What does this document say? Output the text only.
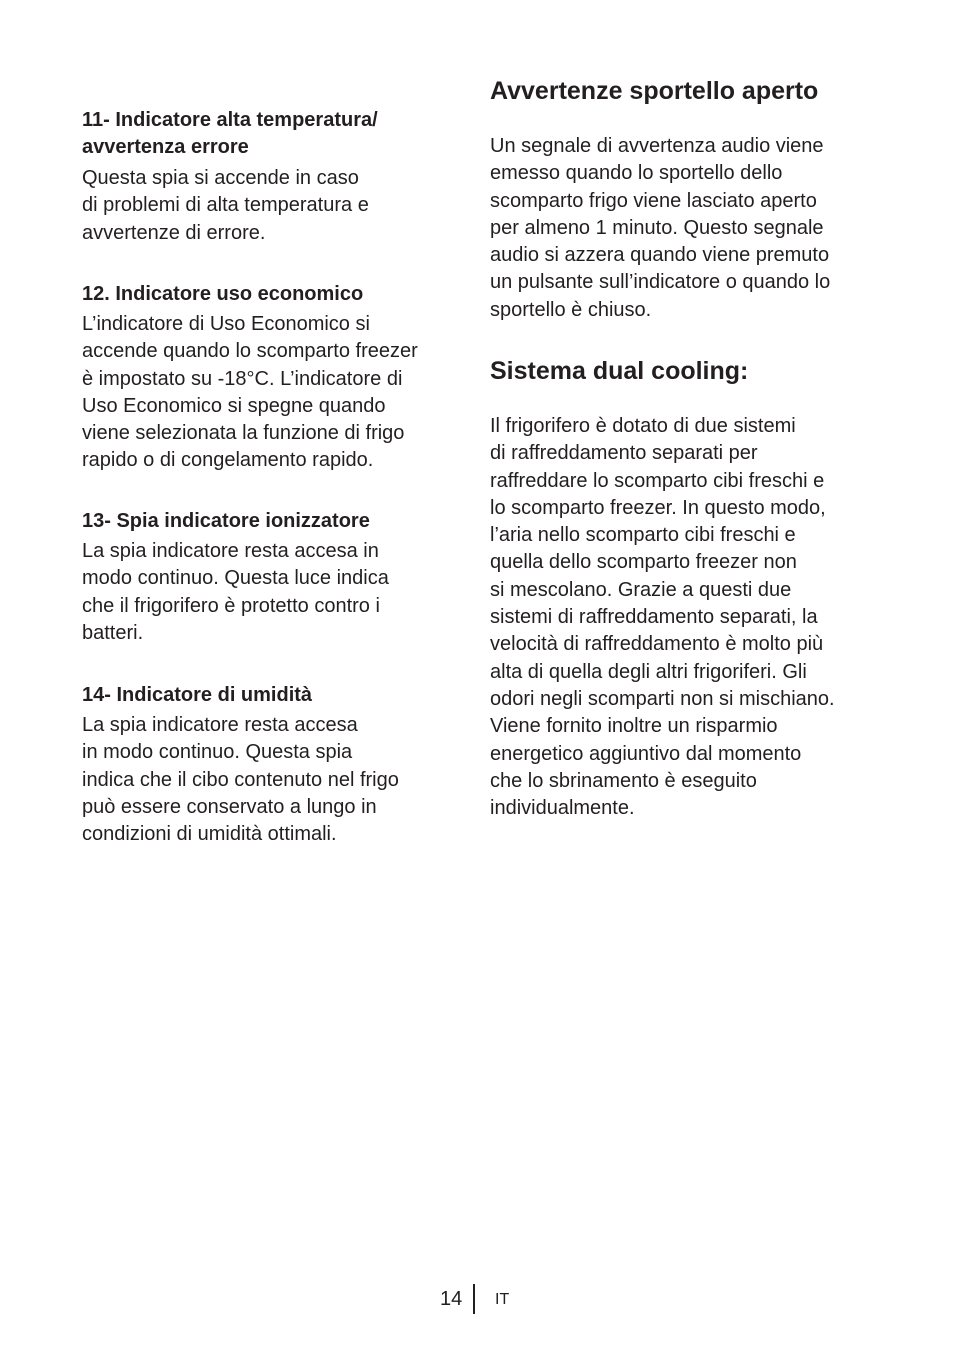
11- Indicatore alta temperatura/
avvertenza errore

Questa spia si accende in caso
di problemi di alta temperatura e
avvertenze di errore.

12. Indicatore uso economico

L’indicatore di Uso Economico si
accende quando lo scomparto freezer
è impostato su -18°C. L’indicatore di
Uso Economico si spegne quando
viene selezionata la funzione di frigo
rapido o di congelamento rapido.

13- Spia indicatore ionizzatore

La spia indicatore resta accesa in
modo continuo. Questa luce indica
che il frigorifero è protetto contro i
batteri.

14- Indicatore di umidità

La spia indicatore resta accesa
in modo continuo. Questa spia
indica che il cibo contenuto nel frigo
può essere conservato a lungo in
condizioni di umidità ottimali.

Avvertenze sportello aperto

Un segnale di avvertenza audio viene
emesso quando lo sportello dello
scomparto frigo viene lasciato aperto
per almeno 1 minuto. Questo segnale
audio si azzera quando viene premuto
un pulsante sull’indicatore o quando lo
sportello è chiuso.

Sistema dual cooling:

Il frigorifero è dotato di due sistemi
di raffreddamento separati per
raffreddare lo scomparto cibi freschi e
lo scomparto freezer. In questo modo,
l’aria nello scomparto cibi freschi e
quella dello scomparto freezer non
si mescolano. Grazie a questi due
sistemi di raffreddamento separati, la
velocità di raffreddamento è molto più
alta di quella degli altri frigoriferi. Gli
odori negli scomparti non si mischiano.
Viene fornito inoltre un risparmio
energetico aggiuntivo dal momento
che lo sbrinamento è eseguito
individualmente.

14 IT
